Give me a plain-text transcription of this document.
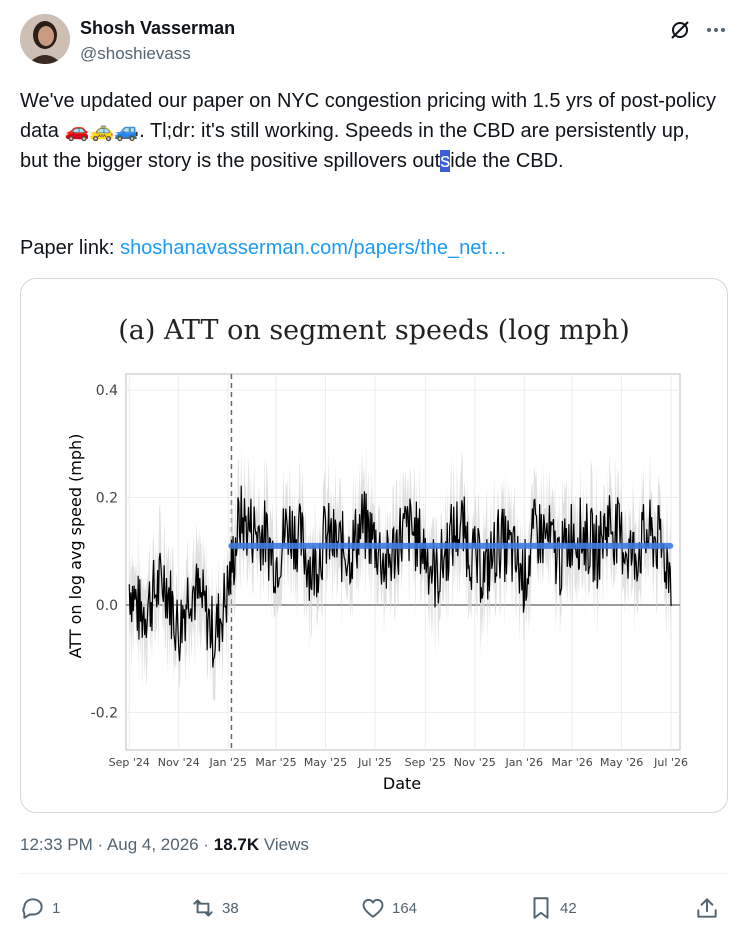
Shosh Vasserman
@shoshievass

We've updated our paper on NYC congestion pricing with 1.5 yrs of post-policy data 🚗🚕🚙. Tl;dr: it's still working. Speeds in the CBD are persistently up, but the bigger story is the positive spillovers outside the CBD.

Paper link: shoshanavasserman.com/papers/the_net…
(a) ATT on segment speeds (log mph)
Sep '24 Nov '24 Jan '25 Mar '25 May '25 Jul '25 Sep '25 Nov '25 Jan '26 Mar '26 May '26 Jul '26
0.4
0.2
0.0
-0.2
Date
ATT on log avg speed (mph)
12:33 PM · Aug 4, 2026 · 18.7K Views
1	38	164	42
